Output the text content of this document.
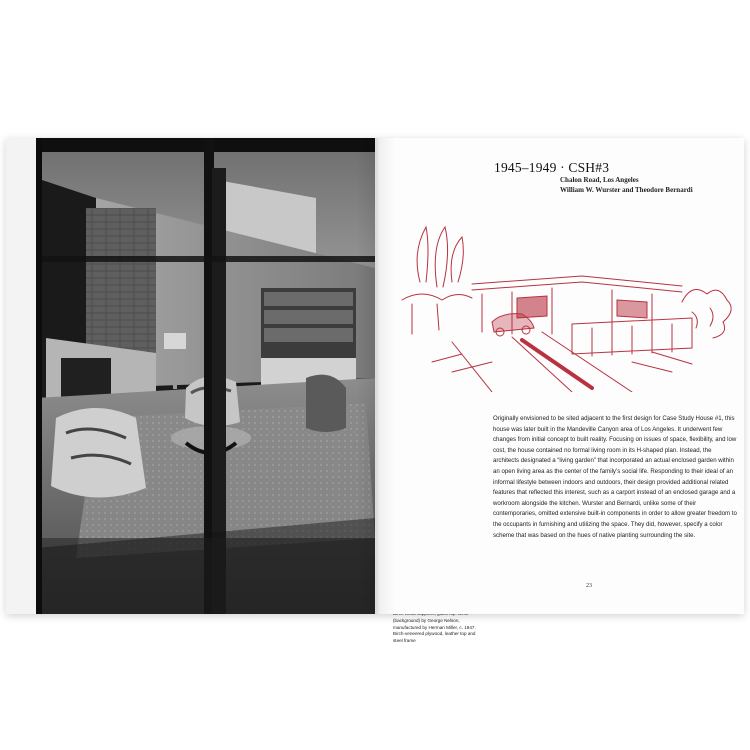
(background) by George Nelson, manufactured by Herman Miller, c. 1947. Birch-veneered plywood, leather top and steel frame

1945–1949 · CSH#3
Chalon Road, Los Angeles
William W. Wurster and Theodore Bernardi
Originally envisioned to be sited adjacent to the first design for Case Study House #1, this house was later built in the Mandeville Canyon area of Los Angeles. It underwent few changes from initial concept to built reality. Focusing on issues of space, flexibility, and low cost, the house contained no formal living room in its H-shaped plan. Instead, the architects designated a “living garden” that incorporated an actual enclosed garden within an open living area as the center of the family’s social life. Responding to their ideal of an informal lifestyle between indoors and outdoors, their design provided additional related features that reflected this interest, such as a carport instead of an enclosed garage and a workroom alongside the kitchen. Wurster and Bernardi, unlike some of their contemporaries, omitted extensive built-in components in order to allow greater freedom to the occupants in furnishing and utilizing the space. They did, however, specify a color scheme that was based on the hues of native planting surrounding the site.
23
